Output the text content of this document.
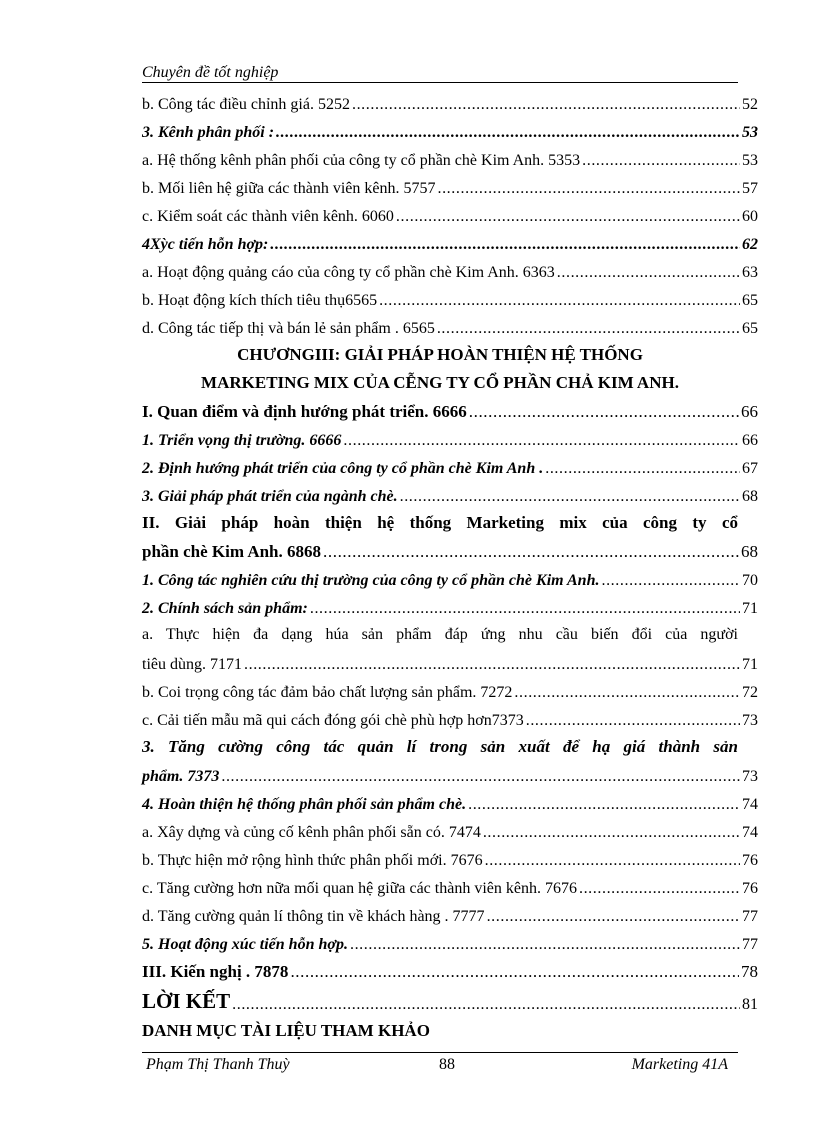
Chuyên đề tốt nghiệp
b. Công tác điều chỉnh giá. 5252 .....	52
3. Kênh phân phối : .....	53
a. Hệ thống kênh phân phối của công ty cổ phần chè Kim Anh. 5353 .....	53
b. Mối liên hệ giữa các thành viên kênh. 5757 .....	57
c. Kiểm soát các thành viên kênh. 6060 .....	60
4Xỳc tiến hỗn hợp: .....	62
a. Hoạt động quảng cáo của công ty cổ phần chè Kim Anh. 6363 .....	63
b. Hoạt động kích thích tiêu thụ6565 .....	65
d. Công tác tiếp thị và bán lẻ sản phẩm . 6565 .....	65
CHƯƠNGIII: GIẢI PHÁP HOÀN THIỆN HỆ THỐNG
MARKETING MIX CỦA CỄNG TY CỔ PHẦN CHẢ KIM ANH.
I. Quan điểm và định hướng phát triển. 6666 .....	66
1. Triển vọng thị trường. 6666 .....	66
2. Định hướng phát triển của công ty cổ phần chè Kim Anh . .....	67
3. Giải pháp phát triển của ngành chè. .....	68
II. Giải pháp hoàn thiện hệ thống Marketing mix của công ty cổ
phần chè Kim Anh. 6868 .....	68
1. Công tác nghiên cứu thị trường của công ty cổ phần chè Kim Anh. .....	70
2. Chính sách sản phẩm: .....	71
a. Thực hiện đa dạng húa sản phẩm đáp ứng nhu cầu biến đổi của người
tiêu dùng. 7171 .....	71
b. Coi trọng công tác đảm bảo chất lượng sản phẩm. 7272 .....	72
c. Cải tiến mẫu mã qui cách đóng gói chè phù hợp hơn7373 .....	73
3. Tăng cường công tác quản lí trong sản xuất để hạ giá thành sản
phẩm. 7373 .....	73
4. Hoàn thiện hệ thống phân phối sản phẩm chè. .....	74
a. Xây dựng và củng cố kênh phân phối sẵn có. 7474 .....	74
b. Thực hiện mở rộng hình thức phân phối mới. 7676 .....	76
c. Tăng cường hơn nữa mối quan hệ giữa các thành viên kênh. 7676 .....	76
d. Tăng cường quản lí thông tin về khách hàng . 7777 .....	77
5. Hoạt động xúc tiến hỗn hợp. .....	77
III. Kiến nghị . 7878 .....	78
LỜI KẾT .....	81
DANH MỤC TÀI LIỆU THAM KHẢO
Phạm Thị Thanh Thuỳ	88	Marketing 41A
